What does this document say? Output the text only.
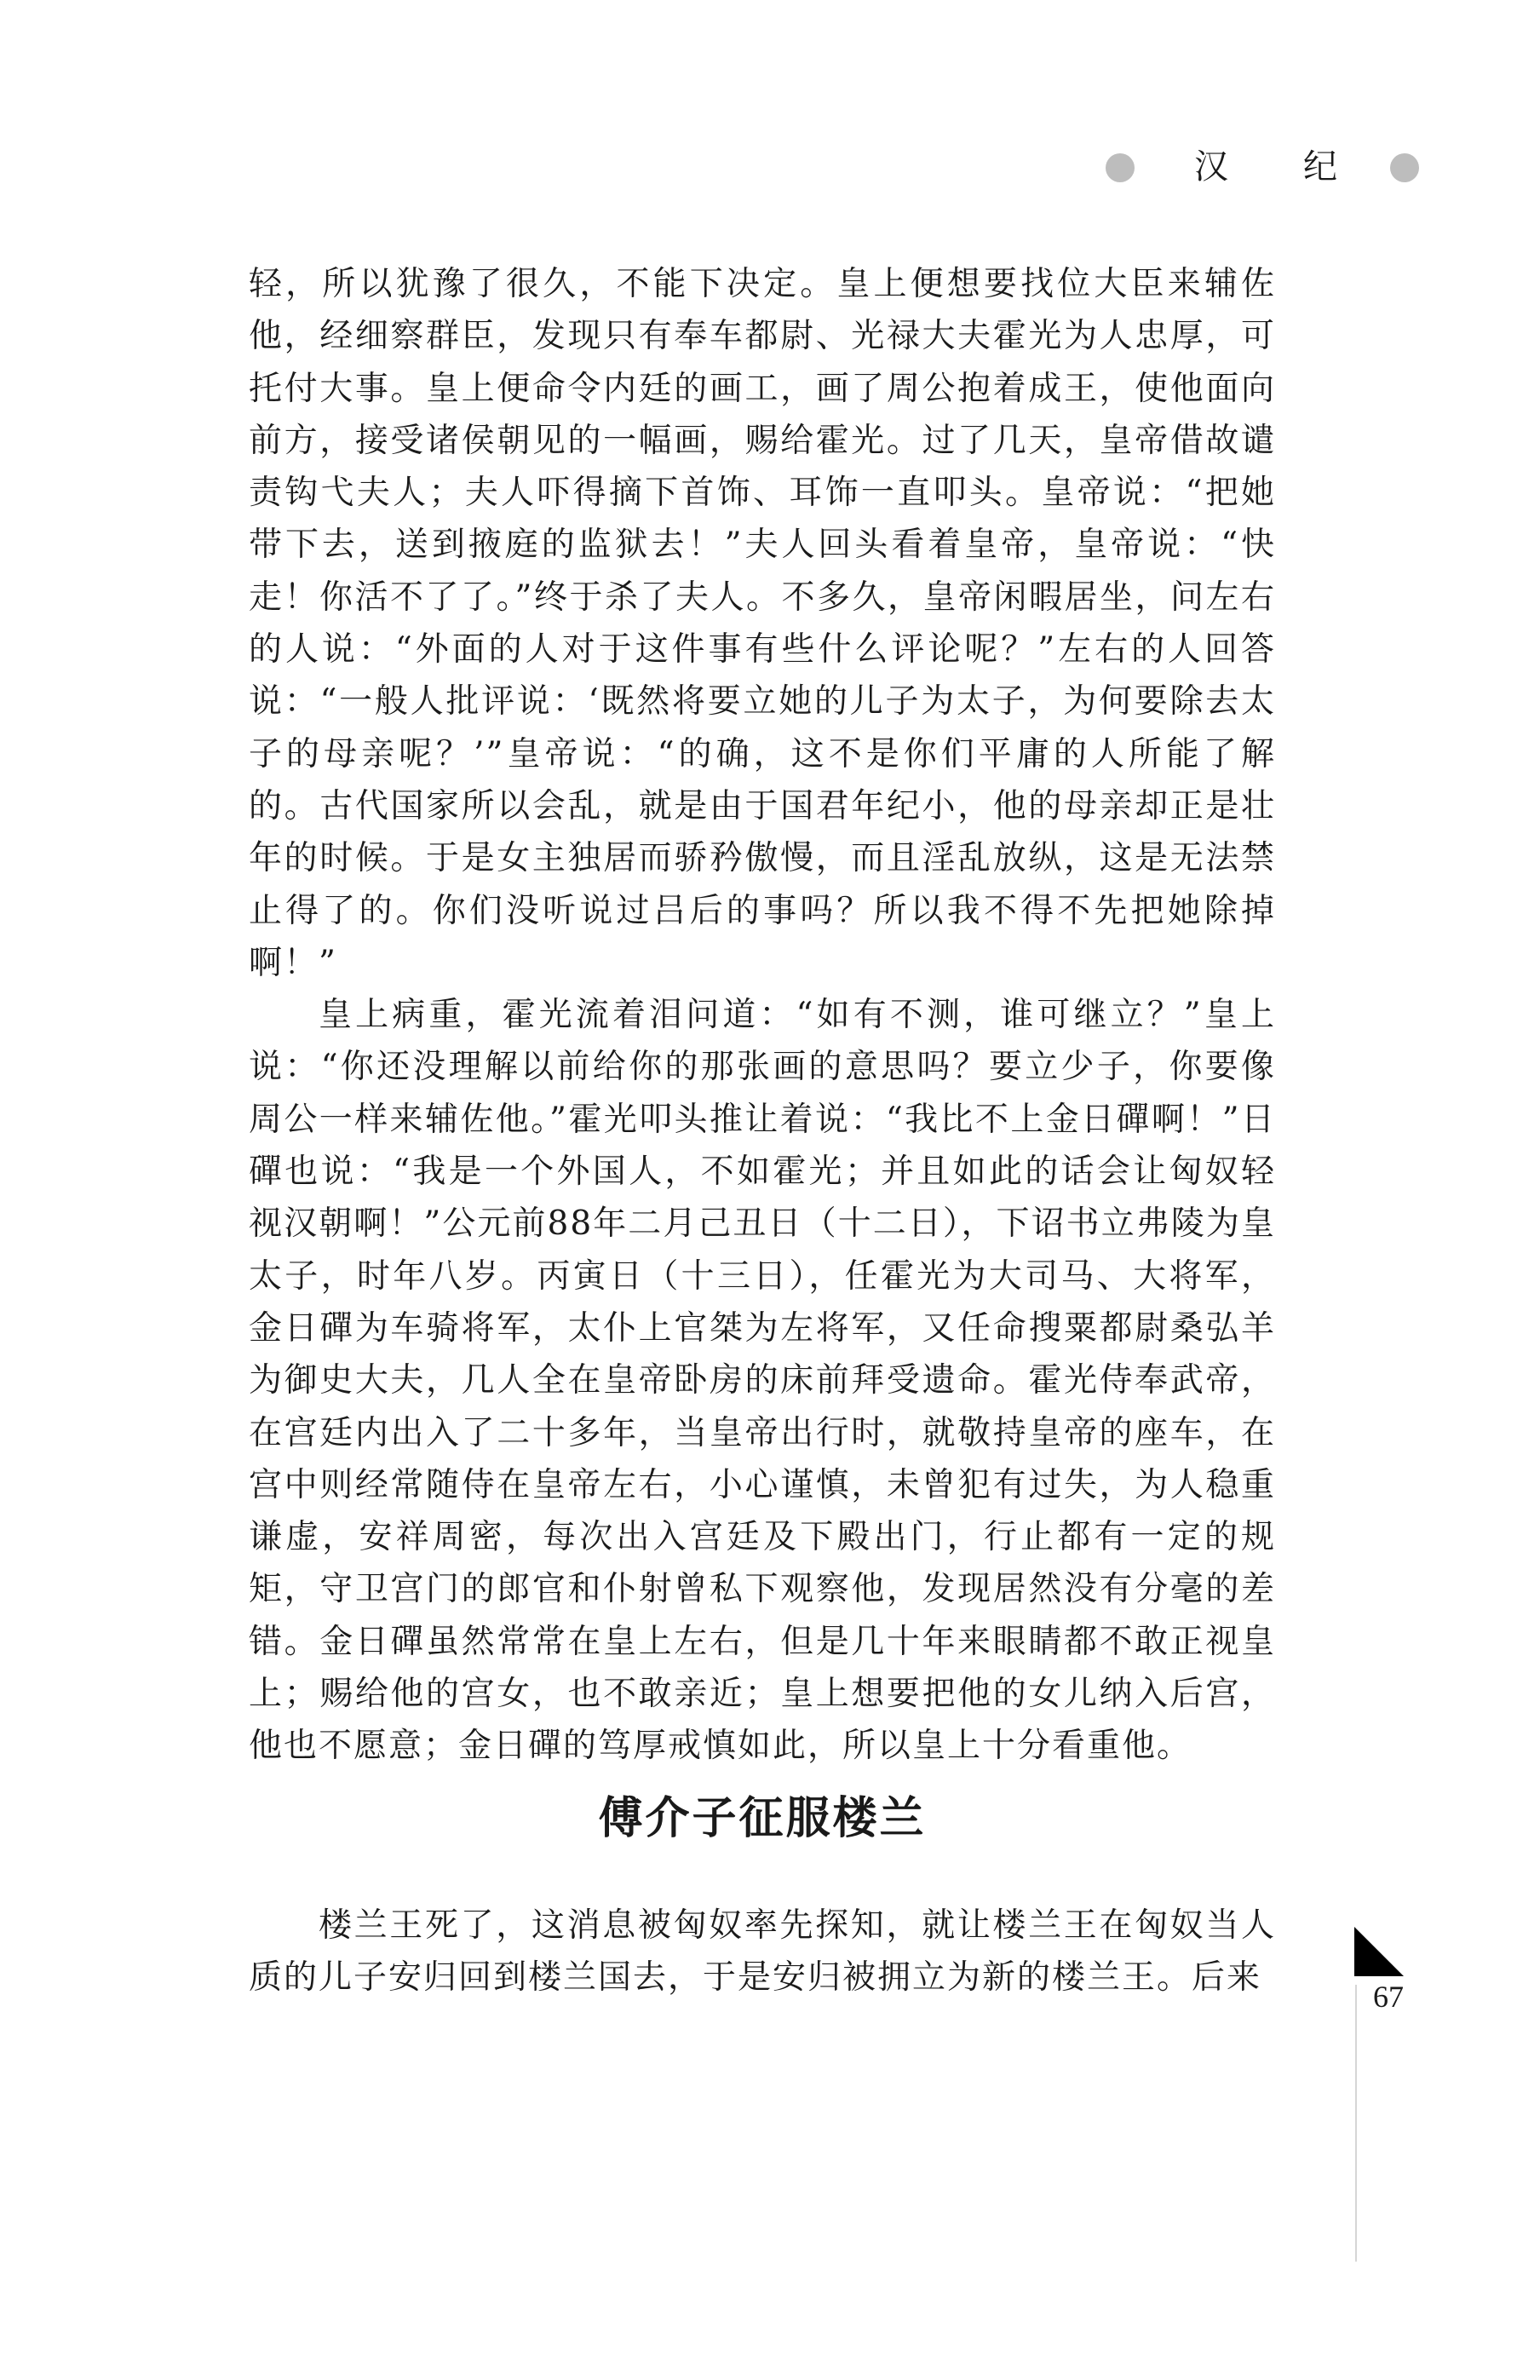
汉 纪

轻，所以犹豫了很久，不能下决定。皇上便想要找位大臣来辅佐他，经细察群臣，发现只有奉车都尉、光禄大夫霍光为人忠厚，可托付大事。皇上便命令内廷的画工，画了周公抱着成王，使他面向前方，接受诸侯朝见的一幅画，赐给霍光。过了几天，皇帝借故谴责钩弋夫人；夫人吓得摘下首饰、耳饰一直叩头。皇帝说：“把她带下去，送到掖庭的监狱去！”夫人回头看着皇帝，皇帝说：“快走！你活不了了。”终于杀了夫人。不多久，皇帝闲暇居坐，问左右的人说：“外面的人对于这件事有些什么评论呢？”左右的人回答说：“一般人批评说：‘既然将要立她的儿子为太子，为何要除去太子的母亲呢？’”皇帝说：“的确，这不是你们平庸的人所能了解的。古代国家所以会乱，就是由于国君年纪小，他的母亲却正是壮年的时候。于是女主独居而骄矜傲慢，而且淫乱放纵，这是无法禁止得了的。你们没听说过吕后的事吗？所以我不得不先把她除掉啊！”

皇上病重，霍光流着泪问道：“如有不测，谁可继立？”皇上说：“你还没理解以前给你的那张画的意思吗？要立少子，你要像周公一样来辅佐他。”霍光叩头推让着说：“我比不上金日磾啊！”日磾也说：“我是一个外国人，不如霍光；并且如此的话会让匈奴轻视汉朝啊！”公元前88年二月己丑日（十二日），下诏书立弗陵为皇太子，时年八岁。丙寅日（十三日），任霍光为大司马、大将军，金日磾为车骑将军，太仆上官桀为左将军，又任命搜粟都尉桑弘羊为御史大夫，几人全在皇帝卧房的床前拜受遗命。霍光侍奉武帝，在宫廷内出入了二十多年，当皇帝出行时，就敬持皇帝的座车，在宫中则经常随侍在皇帝左右，小心谨慎，未曾犯有过失，为人稳重谦虚，安祥周密，每次出入宫廷及下殿出门，行止都有一定的规矩，守卫宫门的郎官和仆射曾私下观察他，发现居然没有分毫的差错。金日磾虽然常常在皇上左右，但是几十年来眼睛都不敢正视皇上；赐给他的宫女，也不敢亲近；皇上想要把他的女儿纳入后宫，他也不愿意；金日磾的笃厚戒慎如此，所以皇上十分看重他。

傅介子征服楼兰

楼兰王死了，这消息被匈奴率先探知，就让楼兰王在匈奴当人质的儿子安归回到楼兰国去，于是安归被拥立为新的楼兰王。后来	67
